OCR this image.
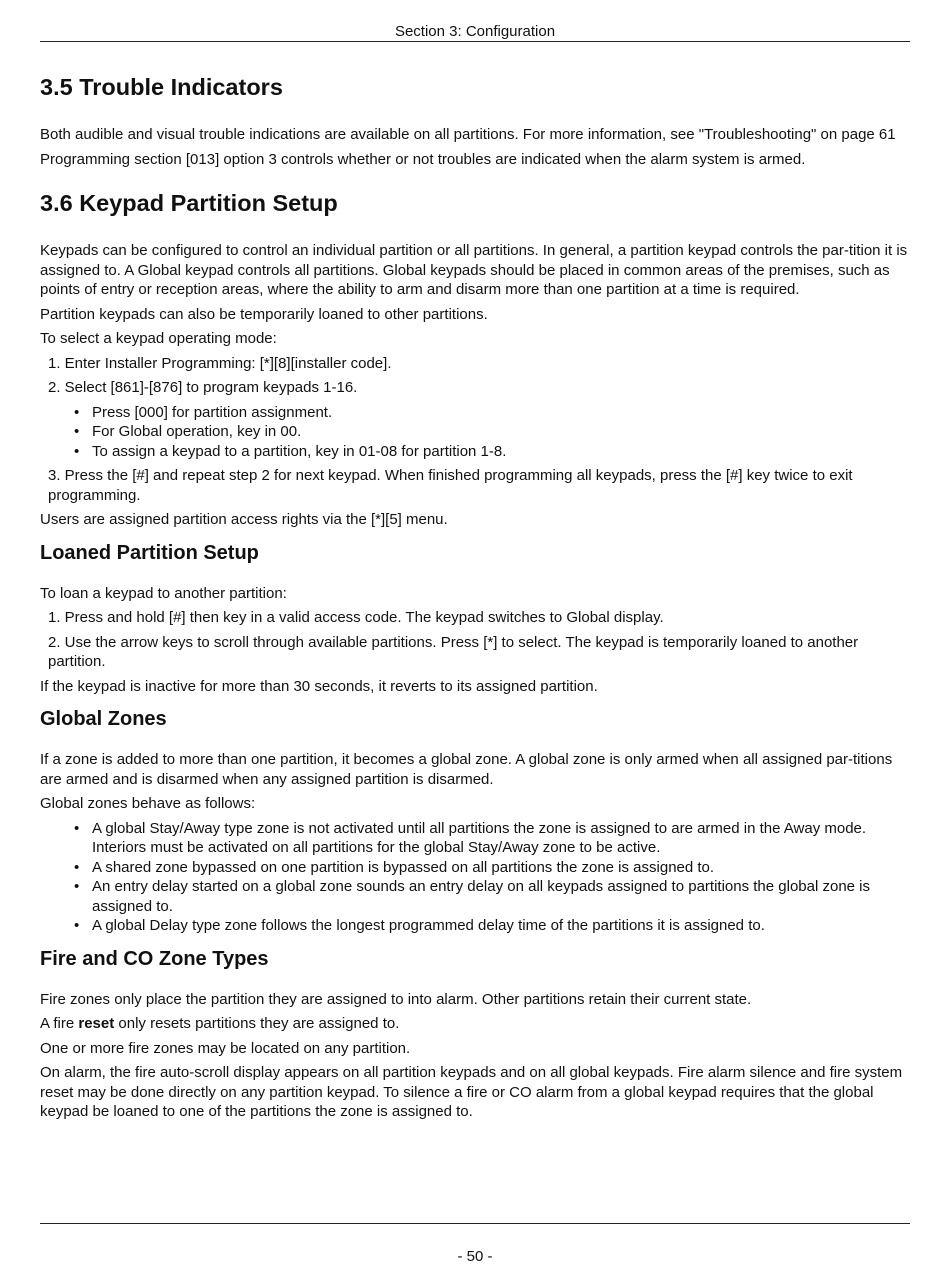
Section 3: Configuration
3.5 Trouble Indicators

Both audible and visual trouble indications are available on all partitions. For more information, see "Troubleshooting" on page 61

Programming section [013] option 3 controls whether or not troubles are indicated when the alarm system is armed.

3.6 Keypad Partition Setup

Keypads can be configured to control an individual partition or all partitions. In general, a partition keypad controls the par-tition it is assigned to. A Global keypad controls all partitions. Global keypads should be placed in common areas of the premises, such as points of entry or reception areas, where the ability to arm and disarm more than one partition at a time is required.

Partition keypads can also be temporarily loaned to other partitions.

To select a keypad operating mode:

1. Enter Installer Programming: [*][8][installer code].
2. Select [861]-[876] to program keypads 1-16.
• Press [000] for partition assignment.
• For Global operation, key in 00.
• To assign a keypad to a partition, key in 01-08 for partition 1-8.
3. Press the [#] and repeat step 2 for next keypad. When finished programming all keypads, press the [#] key twice to exit programming.

Users are assigned partition access rights via the [*][5] menu.

Loaned Partition Setup

To loan a keypad to another partition:

1. Press and hold [#] then key in a valid access code. The keypad switches to Global display.
2. Use the arrow keys to scroll through available partitions. Press [*] to select. The keypad is temporarily loaned to another partition.

If the keypad is inactive for more than 30 seconds, it reverts to its assigned partition.

Global Zones

If a zone is added to more than one partition, it becomes a global zone. A global zone is only armed when all assigned par-titions are armed and is disarmed when any assigned partition is disarmed.

Global zones behave as follows:

• A global Stay/Away type zone is not activated until all partitions the zone is assigned to are armed in the Away mode. Interiors must be activated on all partitions for the global Stay/Away zone to be active.
• A shared zone bypassed on one partition is bypassed on all partitions the zone is assigned to.
• An entry delay started on a global zone sounds an entry delay on all keypads assigned to partitions the global zone is assigned to.
• A global Delay type zone follows the longest programmed delay time of the partitions it is assigned to.
Fire and CO Zone Types

Fire zones only place the partition they are assigned to into alarm. Other partitions retain their current state.

A fire reset only resets partitions they are assigned to.

One or more fire zones may be located on any partition.

On alarm, the fire auto-scroll display appears on all partition keypads and on all global keypads. Fire alarm silence and fire system reset may be done directly on any partition keypad. To silence a fire or CO alarm from a global keypad requires that the global keypad be loaned to one of the partitions the zone is assigned to.

- 50 -
